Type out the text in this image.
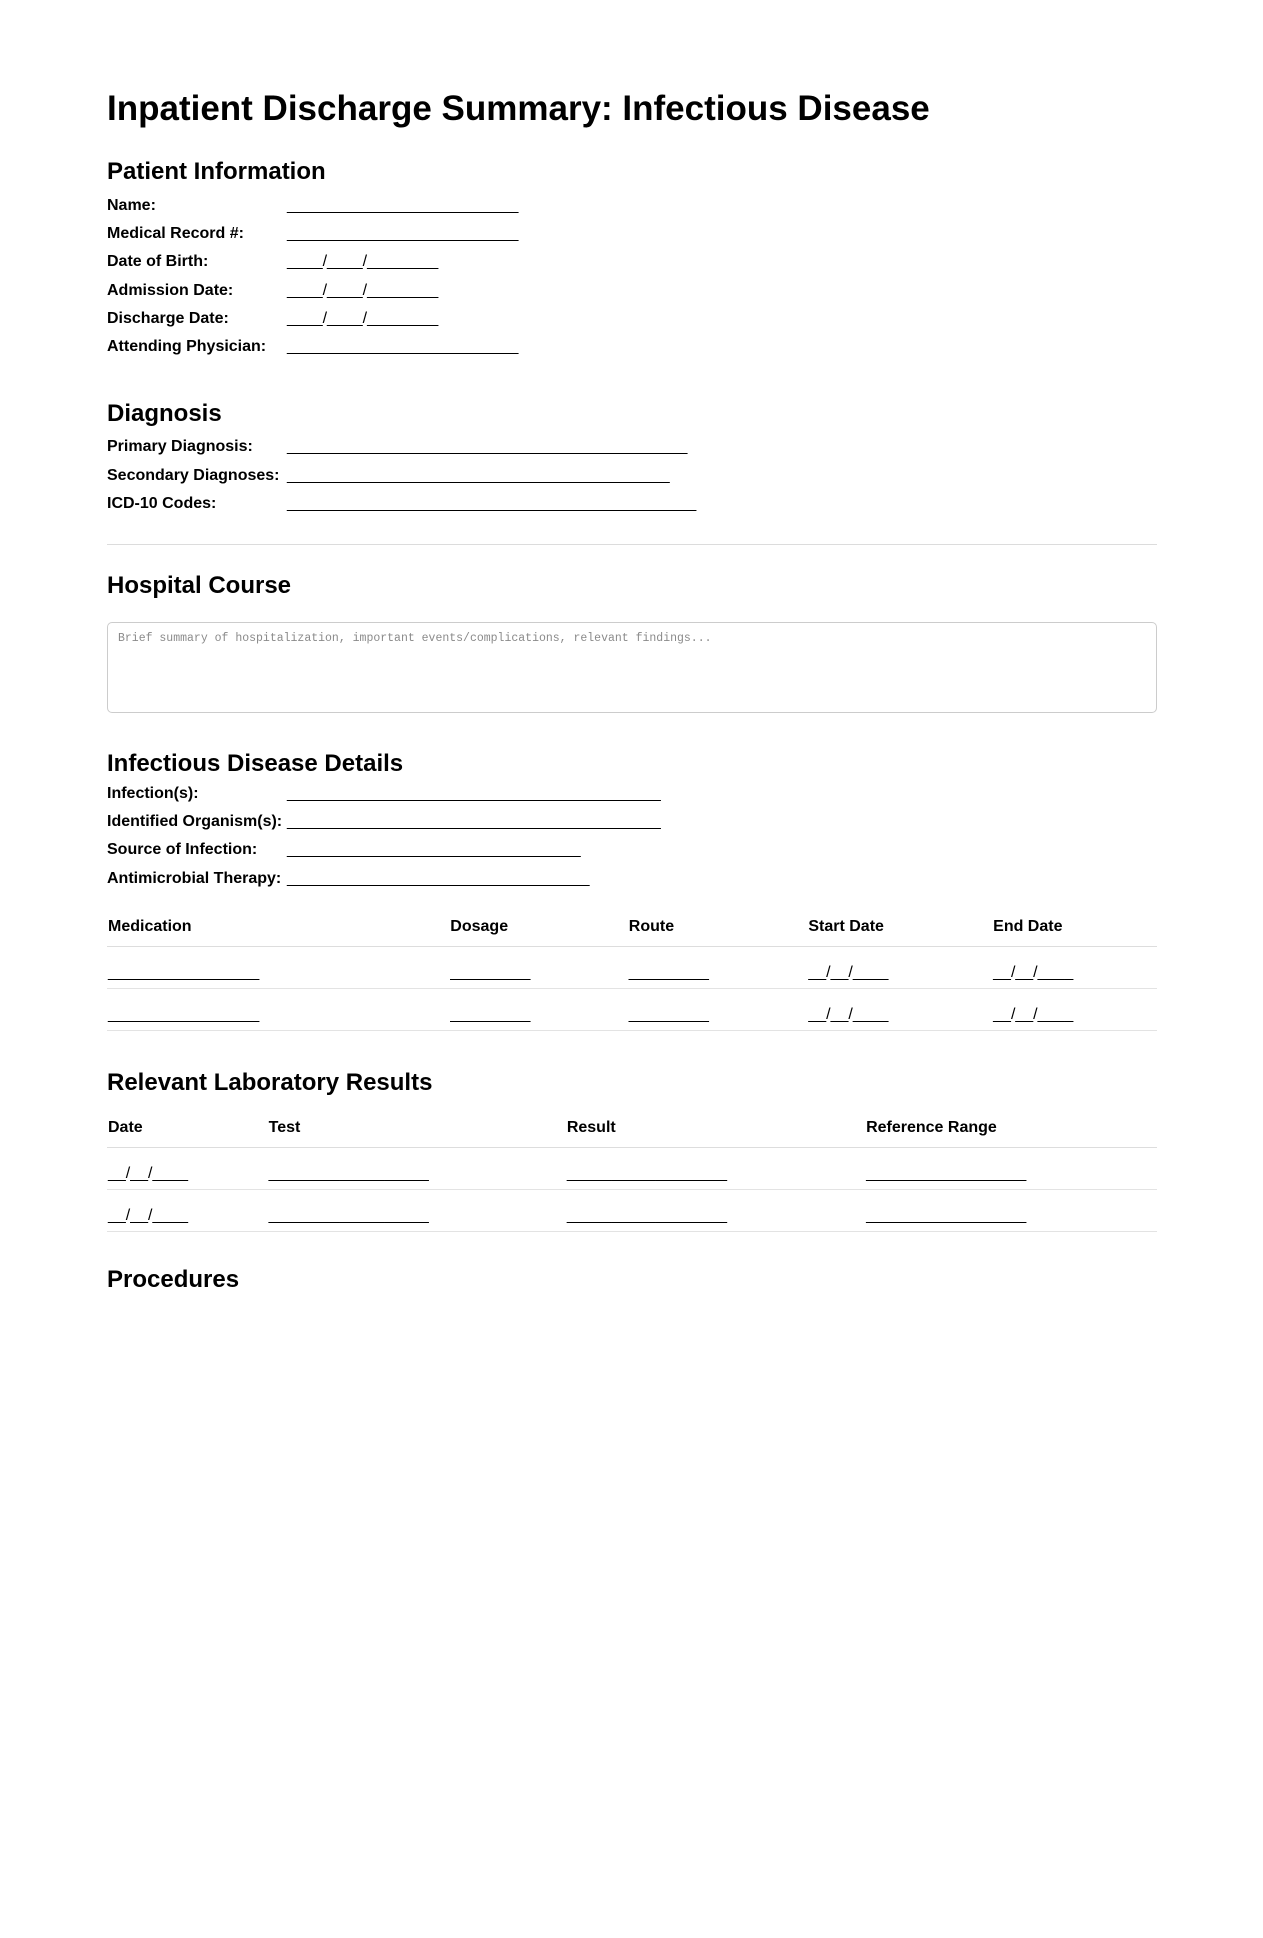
Inpatient Discharge Summary: Infectious Disease
Patient Information
Name:	__________________________
Medical Record #:	__________________________
Date of Birth:	____/____/________
Admission Date:	____/____/________
Discharge Date:	____/____/________
Attending Physician:	__________________________
Diagnosis
Primary Diagnosis:	_____________________________________________
Secondary Diagnoses: ___________________________________________
ICD-10 Codes:	______________________________________________
Hospital Course
Brief summary of hospitalization, important events/complications, relevant findings...
Infectious Disease Details
Infection(s):	__________________________________________
Identified Organism(s): __________________________________________
Source of Infection:	_________________________________
Antimicrobial Therapy: __________________________________
Medication	Dosage	Route	Start Date	End Date
_________________	_________	_________	__/__/____	__/__/____
_________________	_________	_________	__/__/____	__/__/____
Relevant Laboratory Results
Date	Test	Result	Reference Range
__/__/____	__________________	__________________	__________________
__/__/____	__________________	__________________	__________________
Procedures
